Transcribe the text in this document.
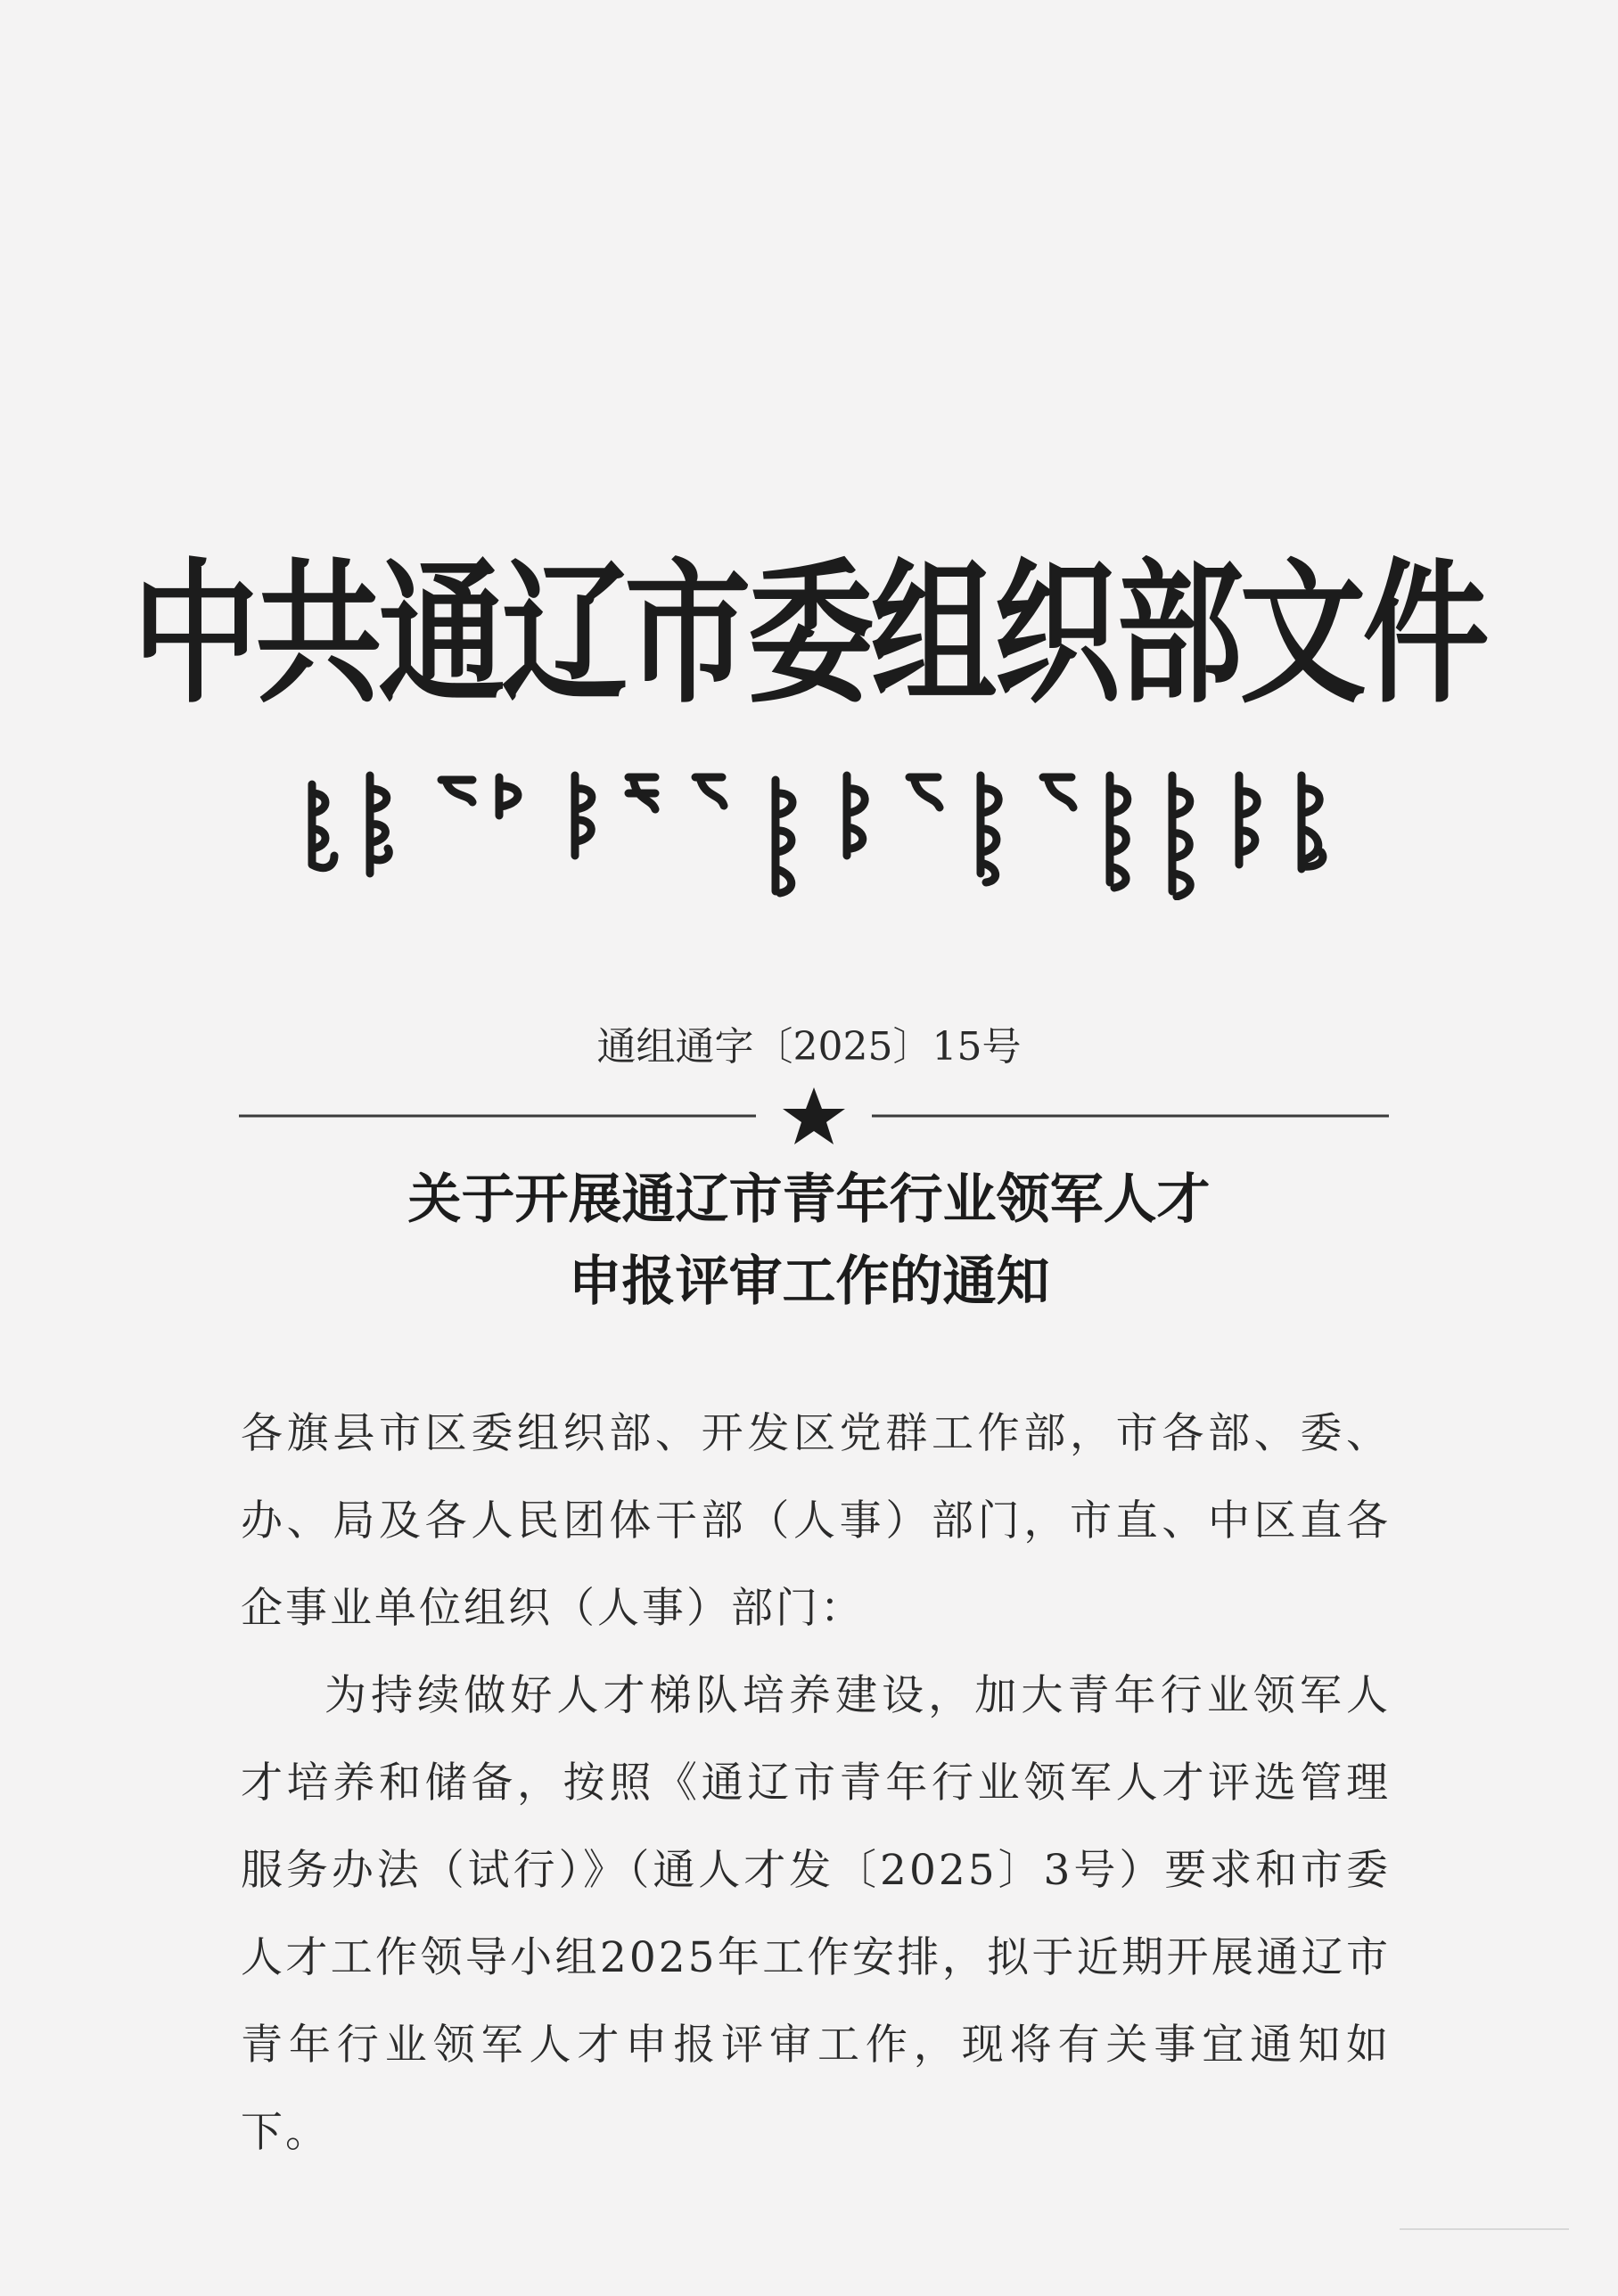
中共通辽市委组织部文件
通组通字〔2025〕15号
关于开展通辽市青年行业领军人才
申报评审工作的通知

各旗县市区委组织部、开发区党群工作部，市各部、委、办、局及各人民团体干部（人事）部门，市直、中区直各企事业单位组织（人事）部门：

为持续做好人才梯队培养建设，加大青年行业领军人才培养和储备，按照《通辽市青年行业领军人才评选管理服务办法（试行）》（通人才发〔2025〕3号）要求和市委人才工作领导小组2025年工作安排，拟于近期开展通辽市青年行业领军人才申报评审工作，现将有关事宜通知如下。
